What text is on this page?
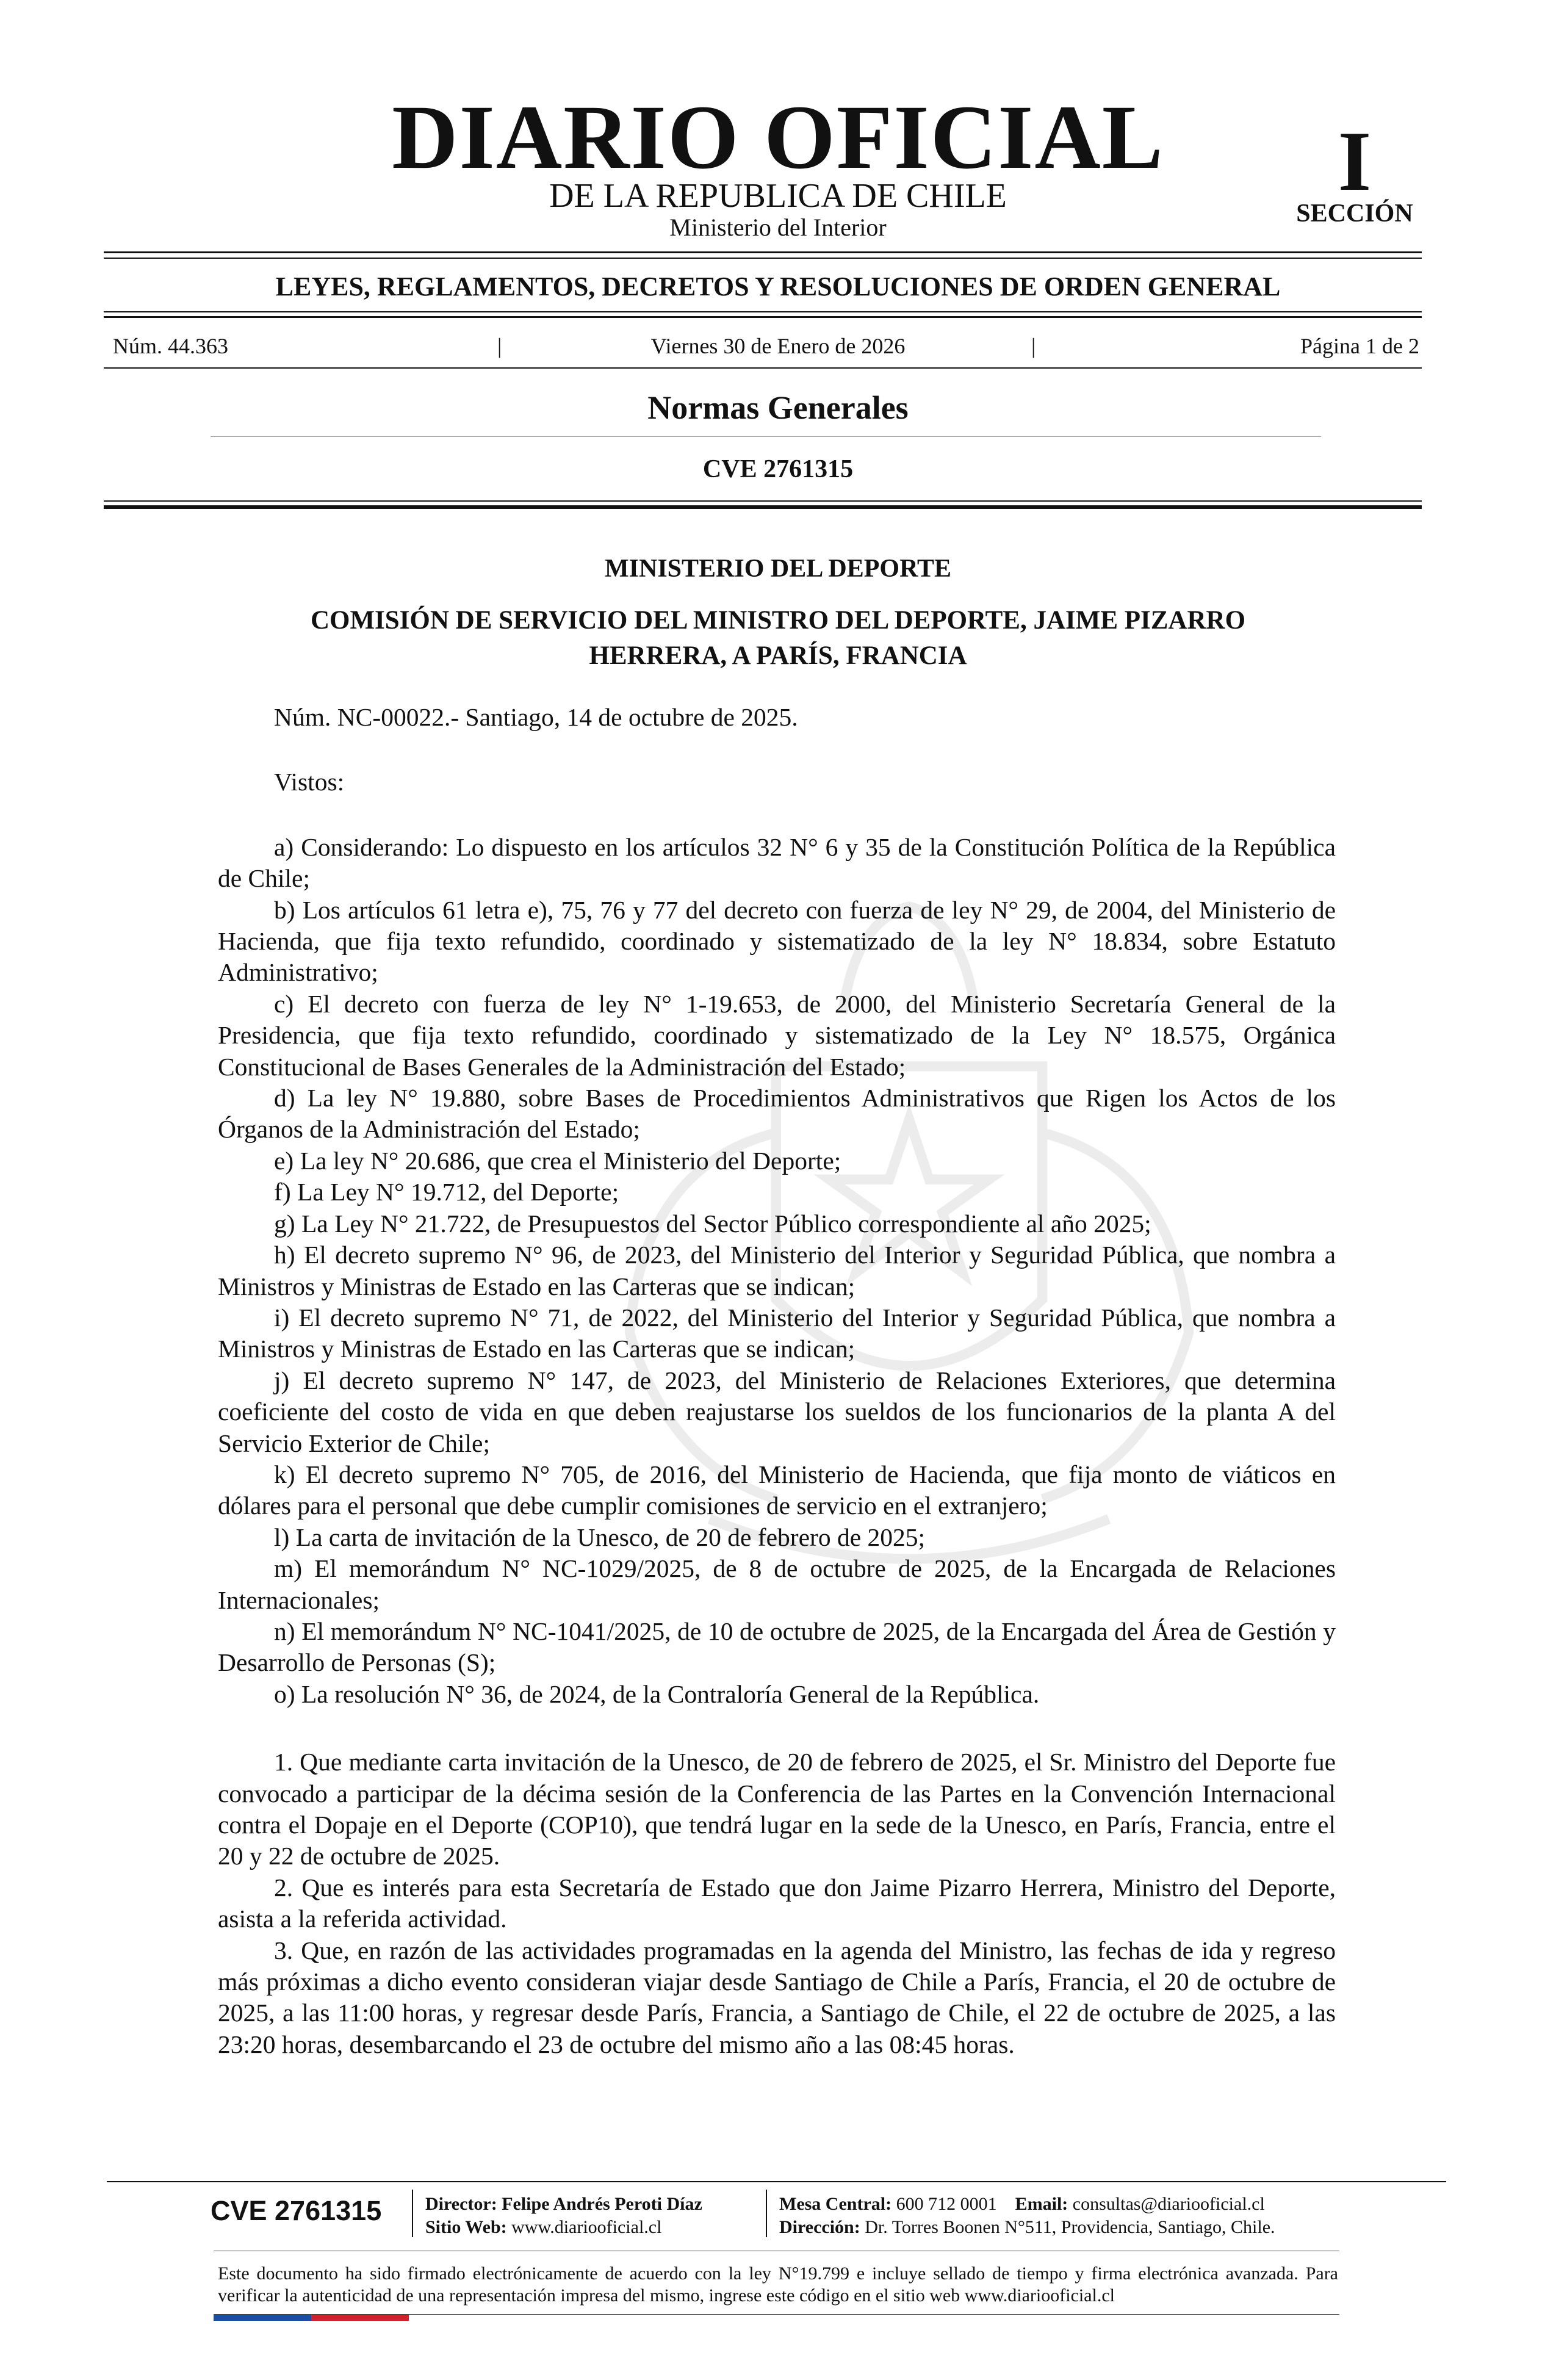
DIARIO OFICIAL
DE LA REPUBLICA DE CHILE
Ministerio del Interior
I
SECCIÓN
LEYES, REGLAMENTOS, DECRETOS Y RESOLUCIONES DE ORDEN GENERAL
Núm. 44.363	|	Viernes 30 de Enero de 2026	|	Página 1 de 2
Normas Generales
CVE 2761315
MINISTERIO DEL DEPORTE
COMISIÓN DE SERVICIO DEL MINISTRO DEL DEPORTE, JAIME PIZARRO HERRERA, A PARÍS, FRANCIA

Núm. NC-00022.- Santiago, 14 de octubre de 2025.

Vistos:

a) Considerando: Lo dispuesto en los artículos 32 N° 6 y 35 de la Constitución Política de la República de Chile;

b) Los artículos 61 letra e), 75, 76 y 77 del decreto con fuerza de ley N° 29, de 2004, del Ministerio de Hacienda, que fija texto refundido, coordinado y sistematizado de la ley N° 18.834, sobre Estatuto Administrativo;

c) El decreto con fuerza de ley N° 1-19.653, de 2000, del Ministerio Secretaría General de la Presidencia, que fija texto refundido, coordinado y sistematizado de la Ley N° 18.575, Orgánica Constitucional de Bases Generales de la Administración del Estado;

d) La ley N° 19.880, sobre Bases de Procedimientos Administrativos que Rigen los Actos de los Órganos de la Administración del Estado;

e) La ley N° 20.686, que crea el Ministerio del Deporte;

f) La Ley N° 19.712, del Deporte;

g) La Ley N° 21.722, de Presupuestos del Sector Público correspondiente al año 2025;

h) El decreto supremo N° 96, de 2023, del Ministerio del Interior y Seguridad Pública, que nombra a Ministros y Ministras de Estado en las Carteras que se indican;

i) El decreto supremo N° 71, de 2022, del Ministerio del Interior y Seguridad Pública, que nombra a Ministros y Ministras de Estado en las Carteras que se indican;

j) El decreto supremo N° 147, de 2023, del Ministerio de Relaciones Exteriores, que determina coeficiente del costo de vida en que deben reajustarse los sueldos de los funcionarios de la planta A del Servicio Exterior de Chile;

k) El decreto supremo N° 705, de 2016, del Ministerio de Hacienda, que fija monto de viáticos en dólares para el personal que debe cumplir comisiones de servicio en el extranjero;

l) La carta de invitación de la Unesco, de 20 de febrero de 2025;

m) El memorándum N° NC-1029/2025, de 8 de octubre de 2025, de la Encargada de Relaciones Internacionales;

n) El memorándum N° NC-1041/2025, de 10 de octubre de 2025, de la Encargada del Área de Gestión y Desarrollo de Personas (S);

o) La resolución N° 36, de 2024, de la Contraloría General de la República.

1. Que mediante carta invitación de la Unesco, de 20 de febrero de 2025, el Sr. Ministro del Deporte fue convocado a participar de la décima sesión de la Conferencia de las Partes en la Convención Internacional contra el Dopaje en el Deporte (COP10), que tendrá lugar en la sede de la Unesco, en París, Francia, entre el 20 y 22 de octubre de 2025.

2. Que es interés para esta Secretaría de Estado que don Jaime Pizarro Herrera, Ministro del Deporte, asista a la referida actividad.

3. Que, en razón de las actividades programadas en la agenda del Ministro, las fechas de ida y regreso más próximas a dicho evento consideran viajar desde Santiago de Chile a París, Francia, el 20 de octubre de 2025, a las 11:00 horas, y regresar desde París, Francia, a Santiago de Chile, el 22 de octubre de 2025, a las 23:20 horas, desembarcando el 23 de octubre del mismo año a las 08:45 horas.

CVE 2761315	Director: Felipe Andrés Peroti Díaz
Sitio Web: www.diariooficial.cl
Mesa Central: 600 712 0001 Email: consultas@diariooficial.cl
Dirección: Dr. Torres Boonen N°511, Providencia, Santiago, Chile.
Este documento ha sido firmado electrónicamente de acuerdo con la ley N°19.799 e incluye sellado de tiempo y firma electrónica avanzada. Para verificar la autenticidad de una representación impresa del mismo, ingrese este código en el sitio web www.diariooficial.cl
